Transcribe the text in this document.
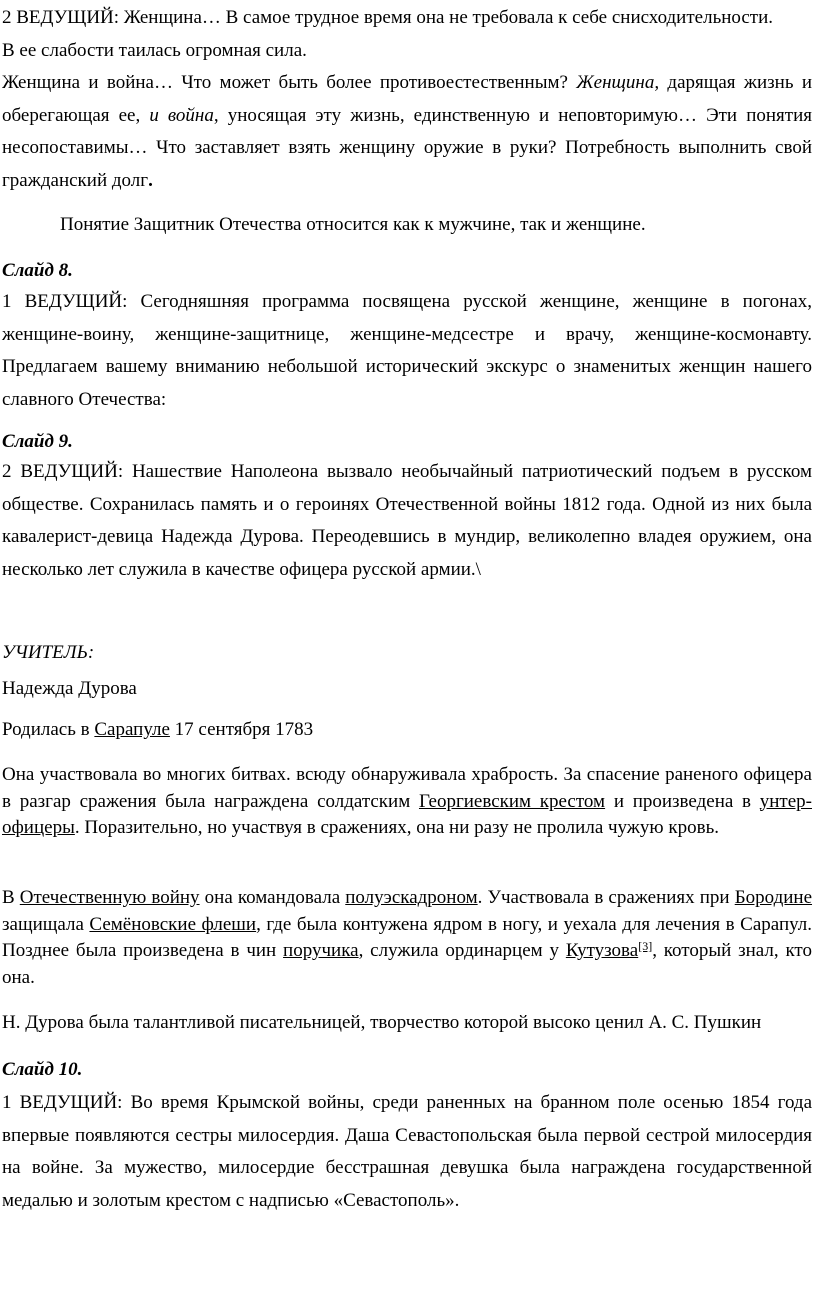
2 ВЕДУЩИЙ: Женщина… В самое трудное время она не требовала к себе снисходительности.

В ее слабости таилась огромная сила.

Женщина и война… Что может быть более противоестественным? Женщина, дарящая жизнь и оберегающая ее, и война, уносящая эту жизнь, единственную и неповторимую… Эти понятия несопоставимы… Что заставляет взять женщину оружие в руки? Потребность выполнить свой гражданский долг.

Понятие Защитник Отечества относится как к мужчине, так и женщине.

Слайд 8.

1 ВЕДУЩИЙ: Сегодняшняя программа посвящена русской женщине, женщине в погонах, женщине-воину, женщине-защитнице, женщине-медсестре и врачу, женщине-космонавту. Предлагаем вашему вниманию небольшой исторический экскурс о знаменитых женщин нашего славного Отечества:

Слайд 9.

2 ВЕДУЩИЙ: Нашествие Наполеона вызвало необычайный патриотический подъем в русском обществе. Сохранилась память и о героинях Отечественной войны 1812 года. Одной из них была кавалерист-девица Надежда Дурова. Переодевшись в мундир, великолепно владея оружием, она несколько лет служила в качестве офицера русской армии.\

УЧИТЕЛЬ:

Надежда Дурова

Родилась в Сарапуле 17 сентября 1783

Она участвовала во многих битвах. всюду обнаруживала храбрость. За спасение раненого офицера в разгар сражения была награждена солдатским Георгиевским крестом и произведена в унтер-офицеры. Поразительно, но участвуя в сражениях, она ни разу не пролила чужую кровь.

В Отечественную войну она командовала полуэскадроном. Участвовала в сражениях при Бородине защищала Семёновские флеши, где была контужена ядром в ногу, и уехала для лечения в Сарапул. Позднее была произведена в чин поручика, служила ординарцем у Кутузова[3], который знал, кто она.

Н. Дурова была талантливой писательницей, творчество которой высоко ценил А. С. Пушкин

Слайд 10.

1 ВЕДУЩИЙ: Во время Крымской войны, среди раненных на бранном поле осенью 1854 года впервые появляются сестры милосердия. Даша Севастопольская была первой сестрой милосердия на войне. За мужество, милосердие бесстрашная девушка была награждена государственной медалью и золотым крестом с надписью «Севастополь».
